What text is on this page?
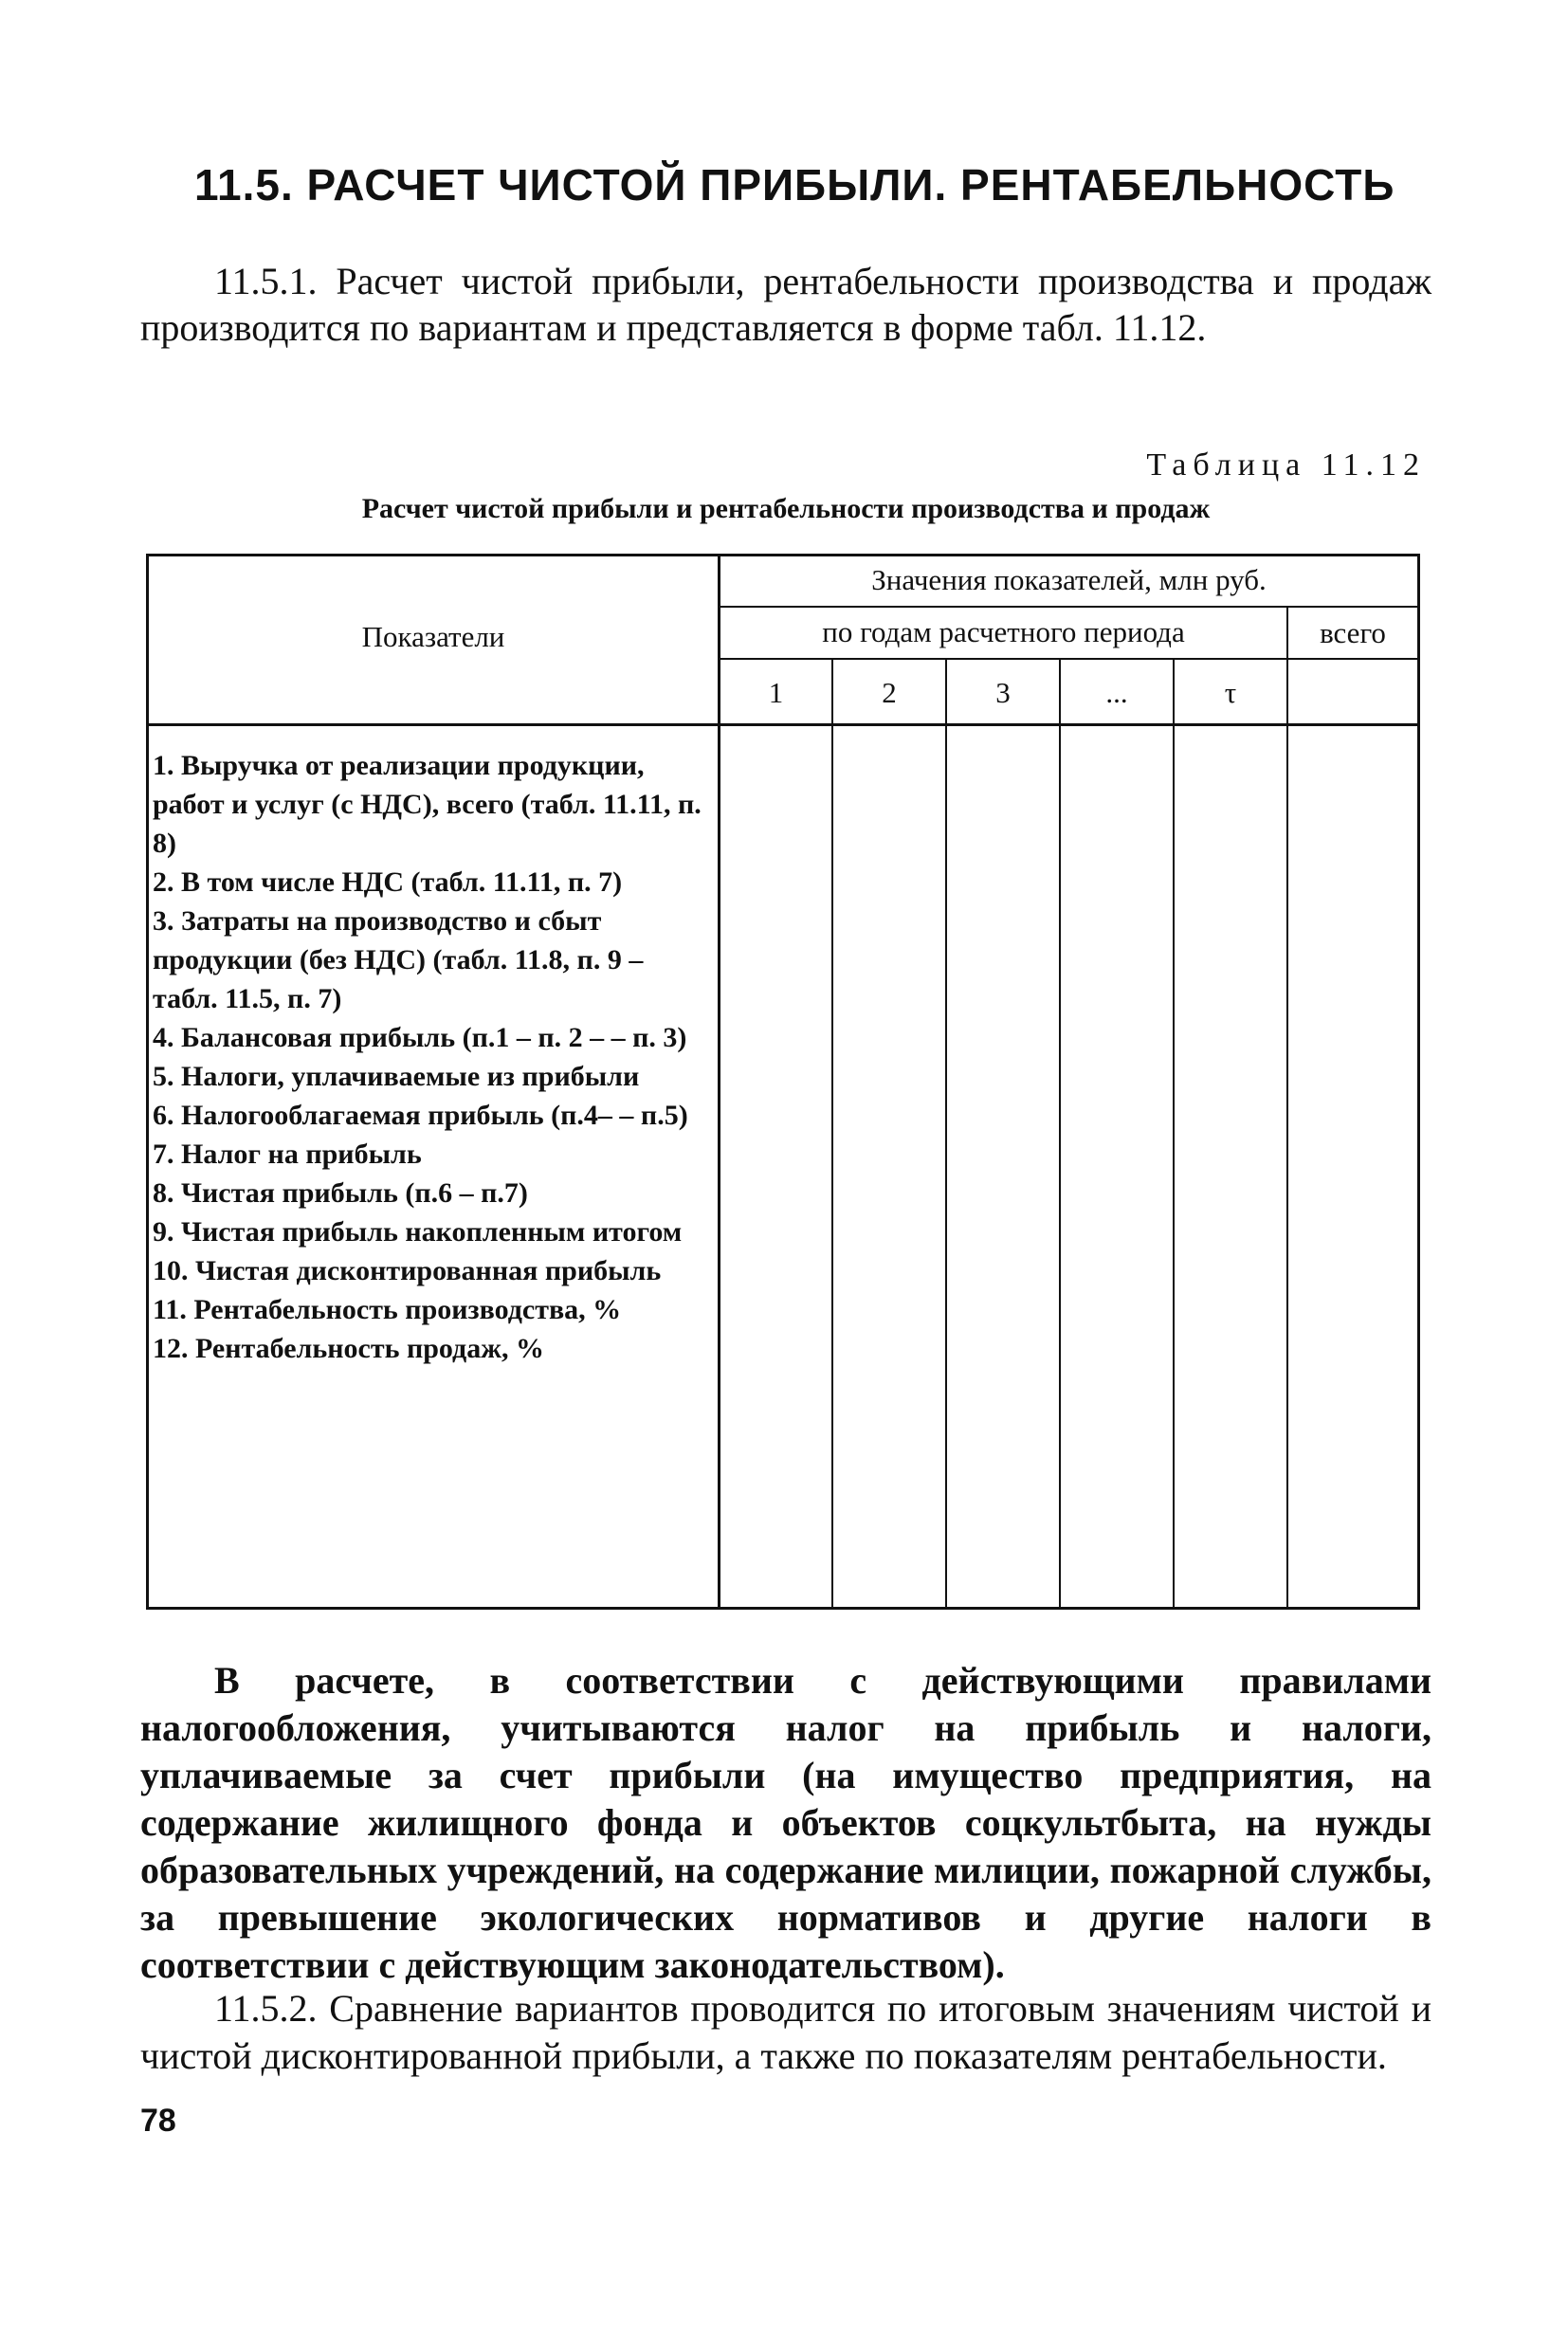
11.5. РАСЧЕТ ЧИСТОЙ ПРИБЫЛИ. РЕНТАБЕЛЬНОСТЬ

11.5.1. Расчет чистой прибыли, рентабельности производства и продаж производится по вариантам и представляется в форме табл. 11.12.

Таблица 11.12
Расчет чистой прибыли и рентабельности производства и продаж
Показатели
Значения показателей, млн руб.
по годам расчетного периода	всего
1	2	3	...	τ
1. Выручка от реализации продукции, работ и услуг (с НДС), всего (табл. 11.11, п. 8)
2. В том числе НДС (табл. 11.11, п. 7)
3. Затраты на производство и сбыт продукции (без НДС) (табл. 11.8, п. 9 – табл. 11.5, п. 7)
4. Балансовая прибыль (п.1 – п. 2 – – п. 3)
5. Налоги, уплачиваемые из прибыли
6. Налогооблагаемая прибыль (п.4– – п.5)
7. Налог на прибыль
8. Чистая прибыль (п.6 – п.7)
9. Чистая прибыль накопленным итогом
10. Чистая дисконтированная прибыль
11. Рентабельность производства, %
12. Рентабельность продаж, %

В расчете, в соответствии с действующими правилами налогообложения, учитываются налог на прибыль и налоги, уплачиваемые за счет прибыли (на имущество предприятия, на содержание жилищного фонда и объектов соцкультбыта, на нужды образовательных учреждений, на содержание милиции, пожарной службы, за превышение экологических нормативов и другие налоги в соответствии с действующим законодательством).

11.5.2. Сравнение вариантов проводится по итоговым значениям чистой и чистой дисконтированной прибыли, а также по показателям рентабельности.

78
